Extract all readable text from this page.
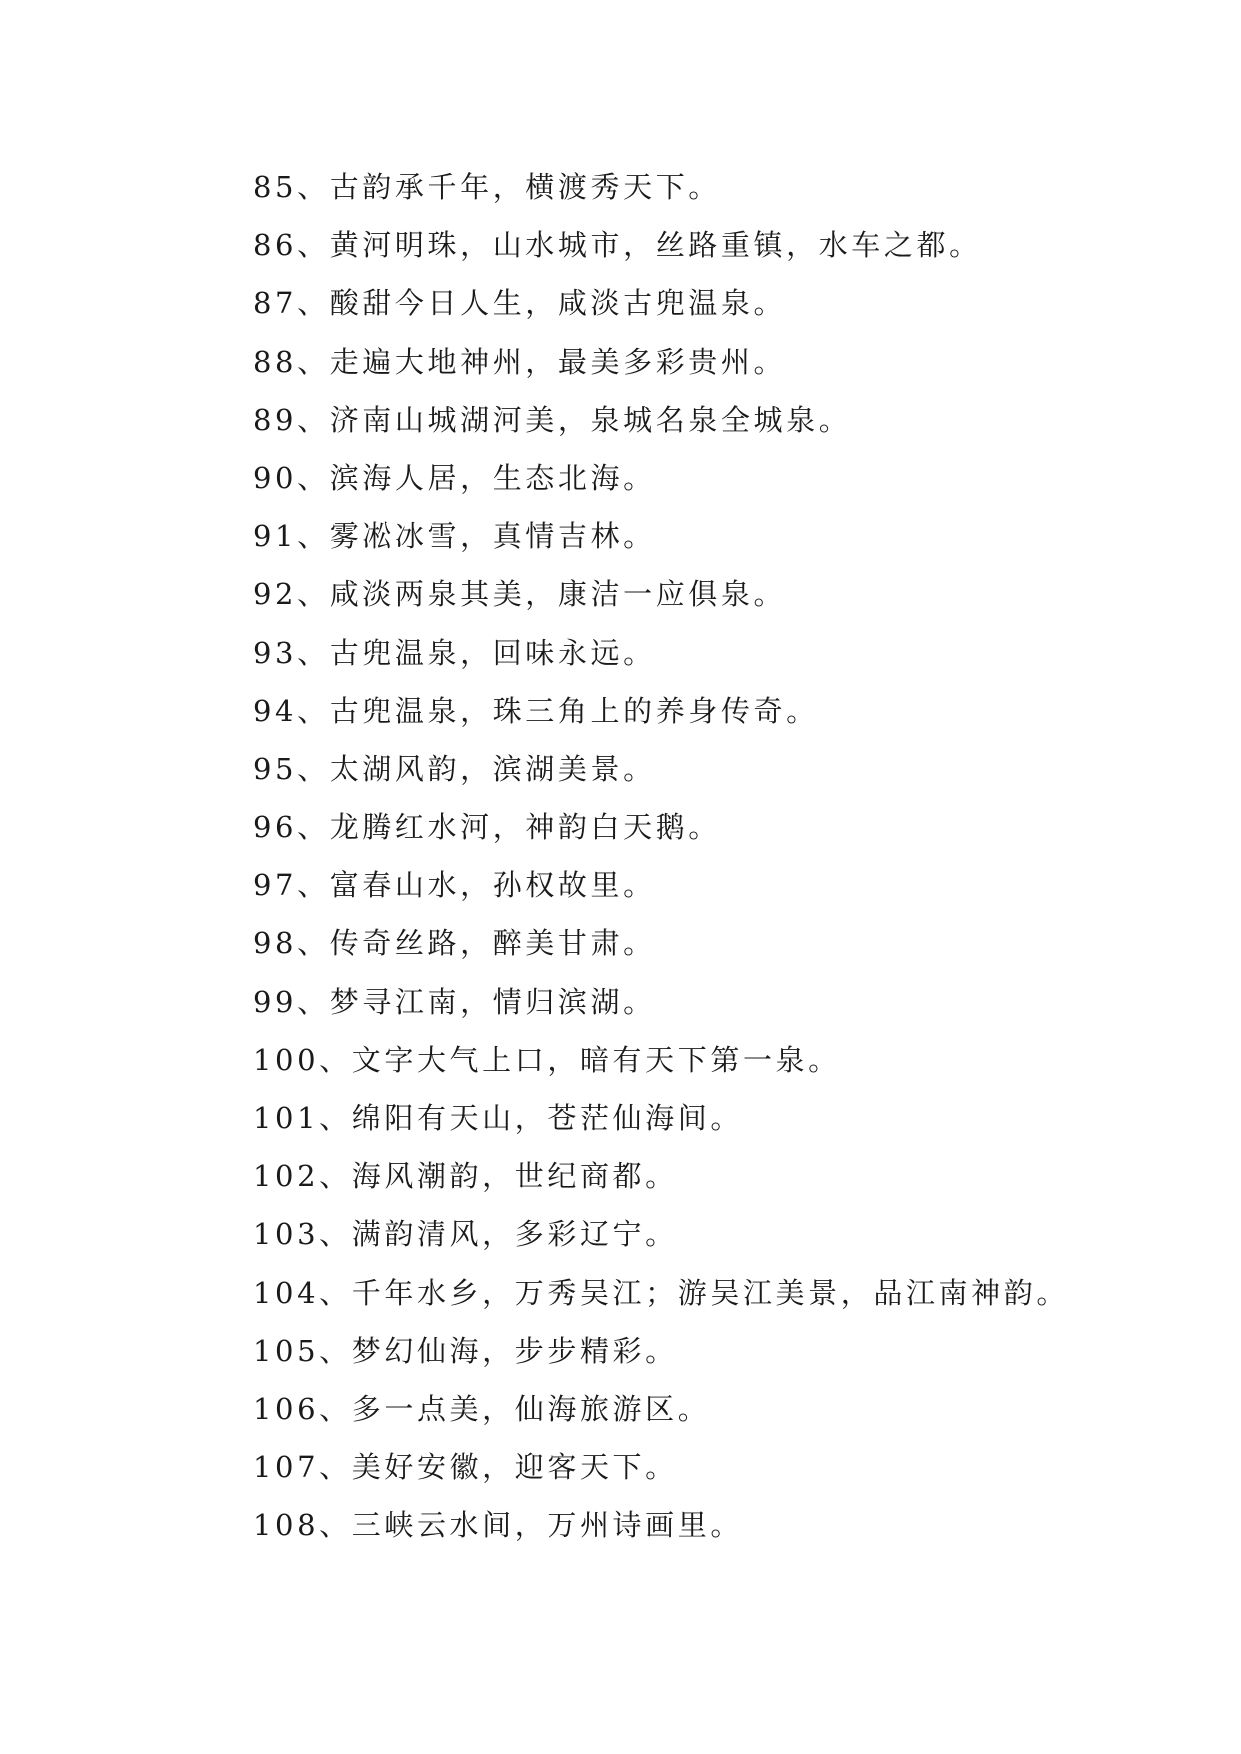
85、古韵承千年，横渡秀天下。
86、黄河明珠，山水城市，丝路重镇，水车之都。
87、酸甜今日人生，咸淡古兜温泉。
88、走遍大地神州，最美多彩贵州。
89、济南山城湖河美，泉城名泉全城泉。
90、滨海人居，生态北海。
91、雾凇冰雪，真情吉林。
92、咸淡两泉其美，康洁一应俱泉。
93、古兜温泉，回味永远。
94、古兜温泉，珠三角上的养身传奇。
95、太湖风韵，滨湖美景。
96、龙腾红水河，神韵白天鹅。
97、富春山水，孙权故里。
98、传奇丝路，醉美甘肃。
99、梦寻江南，情归滨湖。
100、文字大气上口，暗有天下第一泉。
101、绵阳有天山，苍茫仙海间。
102、海风潮韵，世纪商都。
103、满韵清风，多彩辽宁。
104、千年水乡，万秀吴江；游吴江美景，品江南神韵。
105、梦幻仙海，步步精彩。
106、多一点美，仙海旅游区。
107、美好安徽，迎客天下。
108、三峡云水间，万州诗画里。
